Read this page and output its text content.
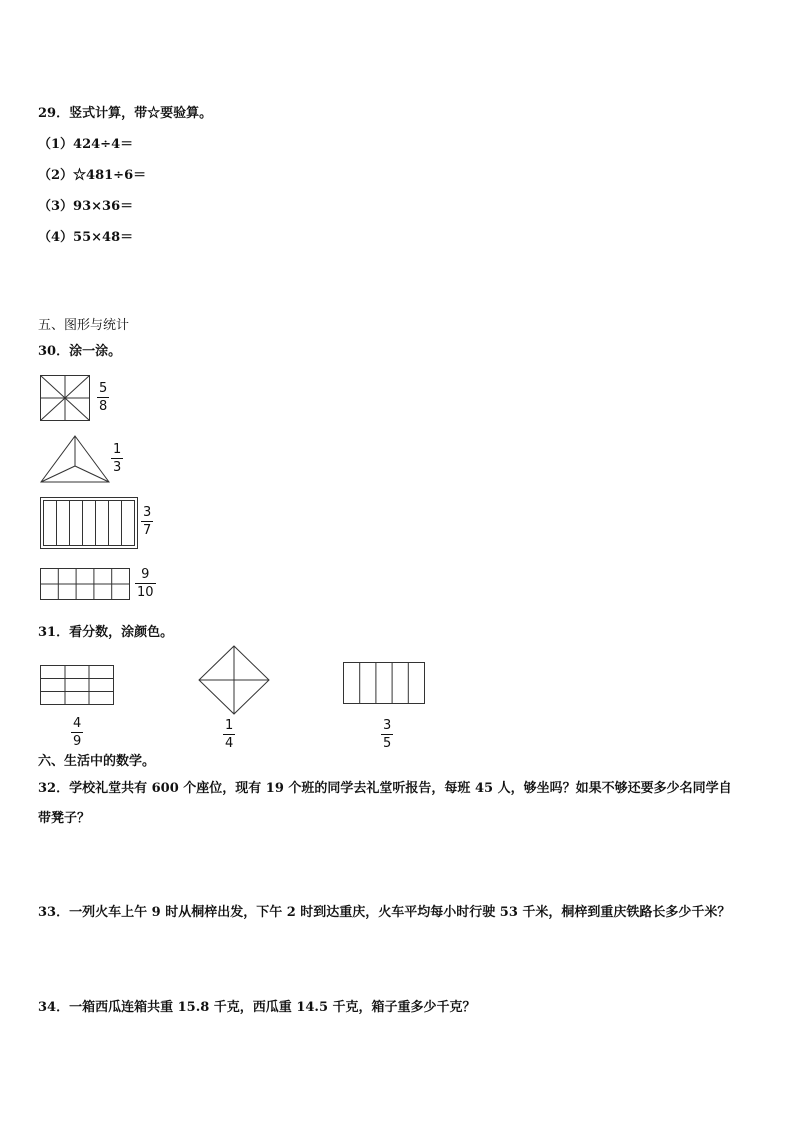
29．竖式计算，带☆要验算。
（1）424÷4＝
（2）☆481÷6＝
（3）93×36＝
（4）55×48＝
五、图形与统计
30．涂一涂。
5
8
1
3
3
7
9
10
31．看分数，涂颜色。
4
9
1
4
3
5
六、生活中的数学。
32．学校礼堂共有 600 个座位，现有 19 个班的同学去礼堂听报告，每班 45 人，够坐吗？如果不够还要多少名同学自
带凳子？
33．一列火车上午 9 时从桐梓出发，下午 2 时到达重庆，火车平均每小时行驶 53 千米，桐梓到重庆铁路长多少千米？
34．一箱西瓜连箱共重 15.8 千克，西瓜重 14.5 千克，箱子重多少千克？
